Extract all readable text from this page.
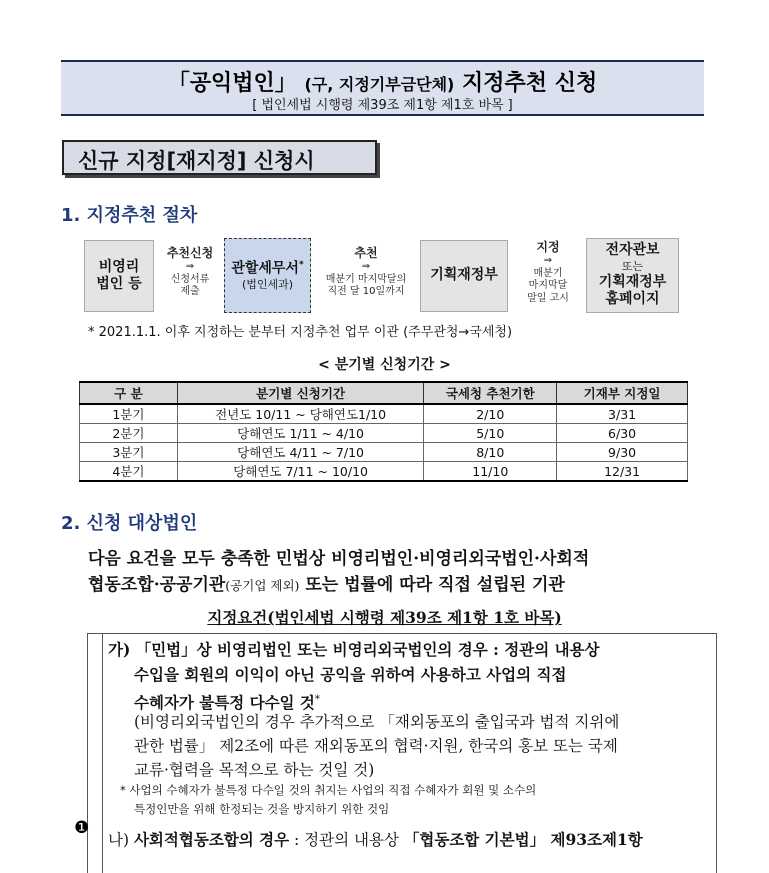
「공익법인」 (구, 지정기부금단체) 지정추천 신청
[ 법인세법 시행령 제39조 제1항 제1호 바목 ]
신규 지정[재지정] 신청시
1. 지정추천 절차
비영리
법인 등
추천신청
⇒
신청서류
제출
관할세무서*
(법인세과)
추천
⇒
매분기 마지막달의
직전 달 10일까지
기획재정부
지정
⇒
매분기
마지막달
말일 고시
전자관보
또는
기획재정부
홈페이지
* 2021.1.1. 이후 지정하는 분부터 지정추천 업무 이관 (주무관청→국세청)
< 분기별 신청기간 >
구 분	분기별 신청기간	국세청 추천기한	기재부 지정일
1분기	전년도 10/11 ~ 당해연도1/10	2/10	3/31
2분기	당해연도 1/11 ~ 4/10	5/10	6/30
3분기	당해연도 4/11 ~ 7/10	8/10	9/30
4분기	당해연도 7/11 ~ 10/10	11/10	12/31
2. 신청 대상법인
다음 요건을 모두 충족한 민법상 비영리법인·비영리외국법인·사회적
협동조합·공공기관(공기업 제외) 또는 법률에 따라 직접 설립된 기관
지정요건(법인세법 시행령 제39조 제1항 1호 바목)
❶
가) 「민법」상 비영리법인 또는 비영리외국법인의 경우 : 정관의 내용상
수입을 회원의 이익이 아닌 공익을 위하여 사용하고 사업의 직접
수혜자가 불특정 다수일 것*
(비영리외국법인의 경우 추가적으로 「재외동포의 출입국과 법적 지위에
관한 법률」 제2조에 따른 재외동포의 협력·지원, 한국의 홍보 또는 국제
교류·협력을 목적으로 하는 것일 것)
* 사업의 수혜자가 불특정 다수일 것의 취지는 사업의 직접 수혜자가 회원 및 소수의
특정인만을 위해 한정되는 것을 방지하기 위한 것임
나) 사회적협동조합의 경우 : 정관의 내용상 「협동조합 기본법」 제93조제1항
